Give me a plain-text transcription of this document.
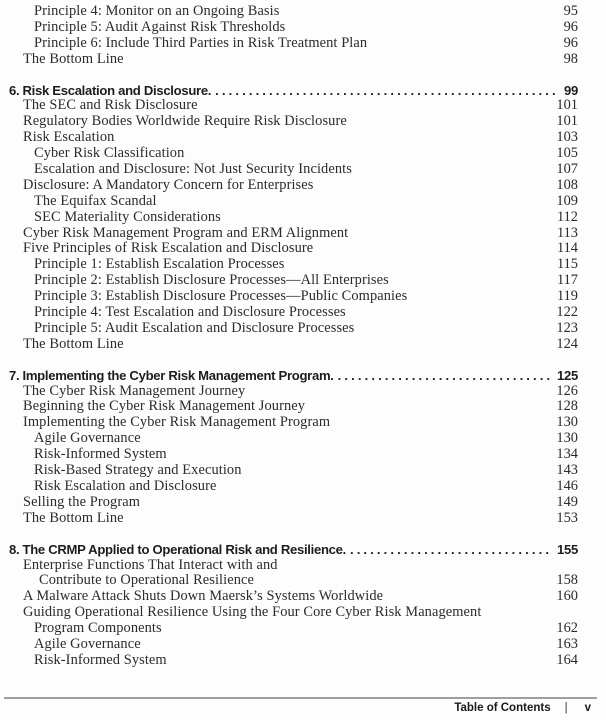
Principle 4: Monitor on an Ongoing Basis	95
Principle 5: Audit Against Risk Thresholds	96
Principle 6: Include Third Parties in Risk Treatment Plan	96
The Bottom Line	98
6. Risk Escalation and Disclosure. .....	99
The SEC and Risk Disclosure	101
Regulatory Bodies Worldwide Require Risk Disclosure	101
Risk Escalation	103
Cyber Risk Classification	105
Escalation and Disclosure: Not Just Security Incidents	107
Disclosure: A Mandatory Concern for Enterprises	108
The Equifax Scandal	109
SEC Materiality Considerations	112
Cyber Risk Management Program and ERM Alignment	113
Five Principles of Risk Escalation and Disclosure	114
Principle 1: Establish Escalation Processes	115
Principle 2: Establish Disclosure Processes—All Enterprises	117
Principle 3: Establish Disclosure Processes—Public Companies	119
Principle 4: Test Escalation and Disclosure Processes	122
Principle 5: Audit Escalation and Disclosure Processes	123
The Bottom Line	124
7. Implementing the Cyber Risk Management Program. .....	125
The Cyber Risk Management Journey	126
Beginning the Cyber Risk Management Journey	128
Implementing the Cyber Risk Management Program	130
Agile Governance	130
Risk-Informed System	134
Risk-Based Strategy and Execution	143
Risk Escalation and Disclosure	146
Selling the Program	149
The Bottom Line	153
8. The CRMP Applied to Operational Risk and Resilience. .....	155
Enterprise Functions That Interact with and
Contribute to Operational Resilience	158
A Malware Attack Shuts Down Maersk’s Systems Worldwide	160
Guiding Operational Resilience Using the Four Core Cyber Risk Management
Program Components	162
Agile Governance	163
Risk-Informed System	164
Table of Contents | v
